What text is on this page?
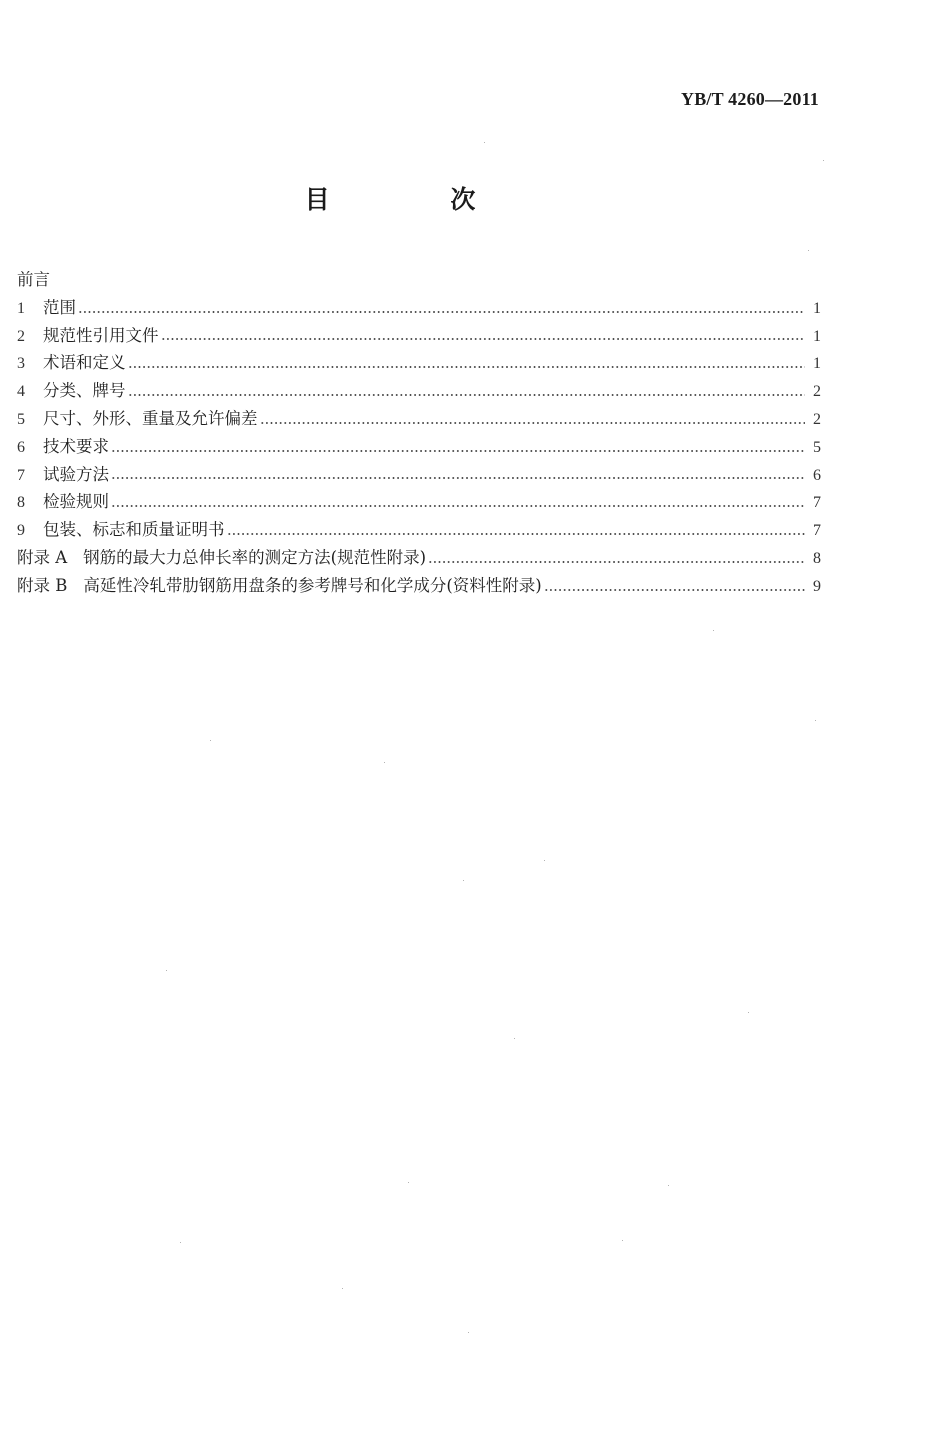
YB/T 4260—2011
目 次
前言
1	范围	1
2	规范性引用文件	1
3	术语和定义	1
4	分类、牌号	2
5	尺寸、外形、重量及允许偏差	2
6	技术要求	5
7	试验方法	6
8	检验规则	7
9	包装、标志和质量证明书	7
附录 A 钢筋的最大力总伸长率的测定方法(规范性附录)	8
附录 B 高延性冷轧带肋钢筋用盘条的参考牌号和化学成分(资料性附录)	9
